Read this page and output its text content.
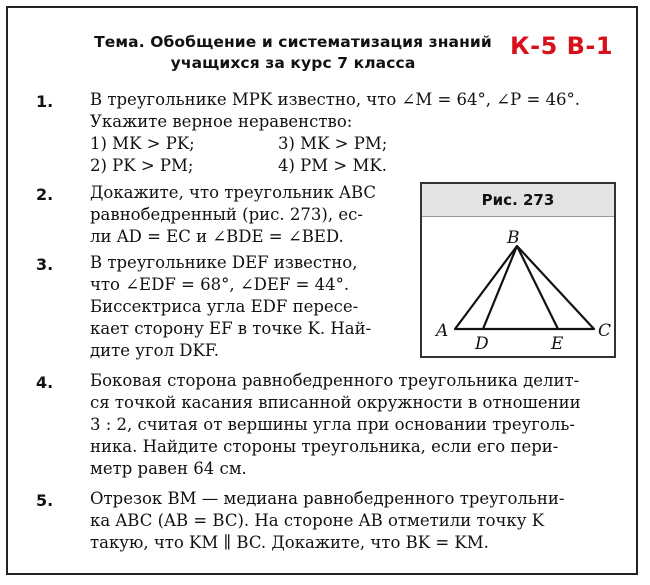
Тема. Обобщение и систематизация знаний
учащихся за курс 7 класса
К-5 В-1
1. В треугольнике MPK известно, что ∠M = 64°, ∠P = 46°.
Укажите верное неравенство:
1) MK > PK;	3) MK > PM;
2) PK > PM;	4) PM > MK.
2. Докажите, что треугольник ABC
равнобедренный (рис. 273), ес-
ли AD = EC и ∠BDE = ∠BED.
3. В треугольнике DEF известно,
что ∠EDF = 68°, ∠DEF = 44°.
Биссектриса угла EDF пересе-
кает сторону EF в точке K. Най-
дите угол DKF.
4. Боковая сторона равнобедренного треугольника делит-
ся точкой касания вписанной окружности в отношении
3 : 2, считая от вершины угла при основании треуголь-
ника. Найдите стороны треугольника, если его пери-
метр равен 64 см.
5. Отрезок BM — медиана равнобедренного треугольни-
ка ABC (AB = BC). На стороне AB отметили точку K
такую, что KM ∥ BC. Докажите, что BK = KM.
Рис. 273
B
A	C
D	E
